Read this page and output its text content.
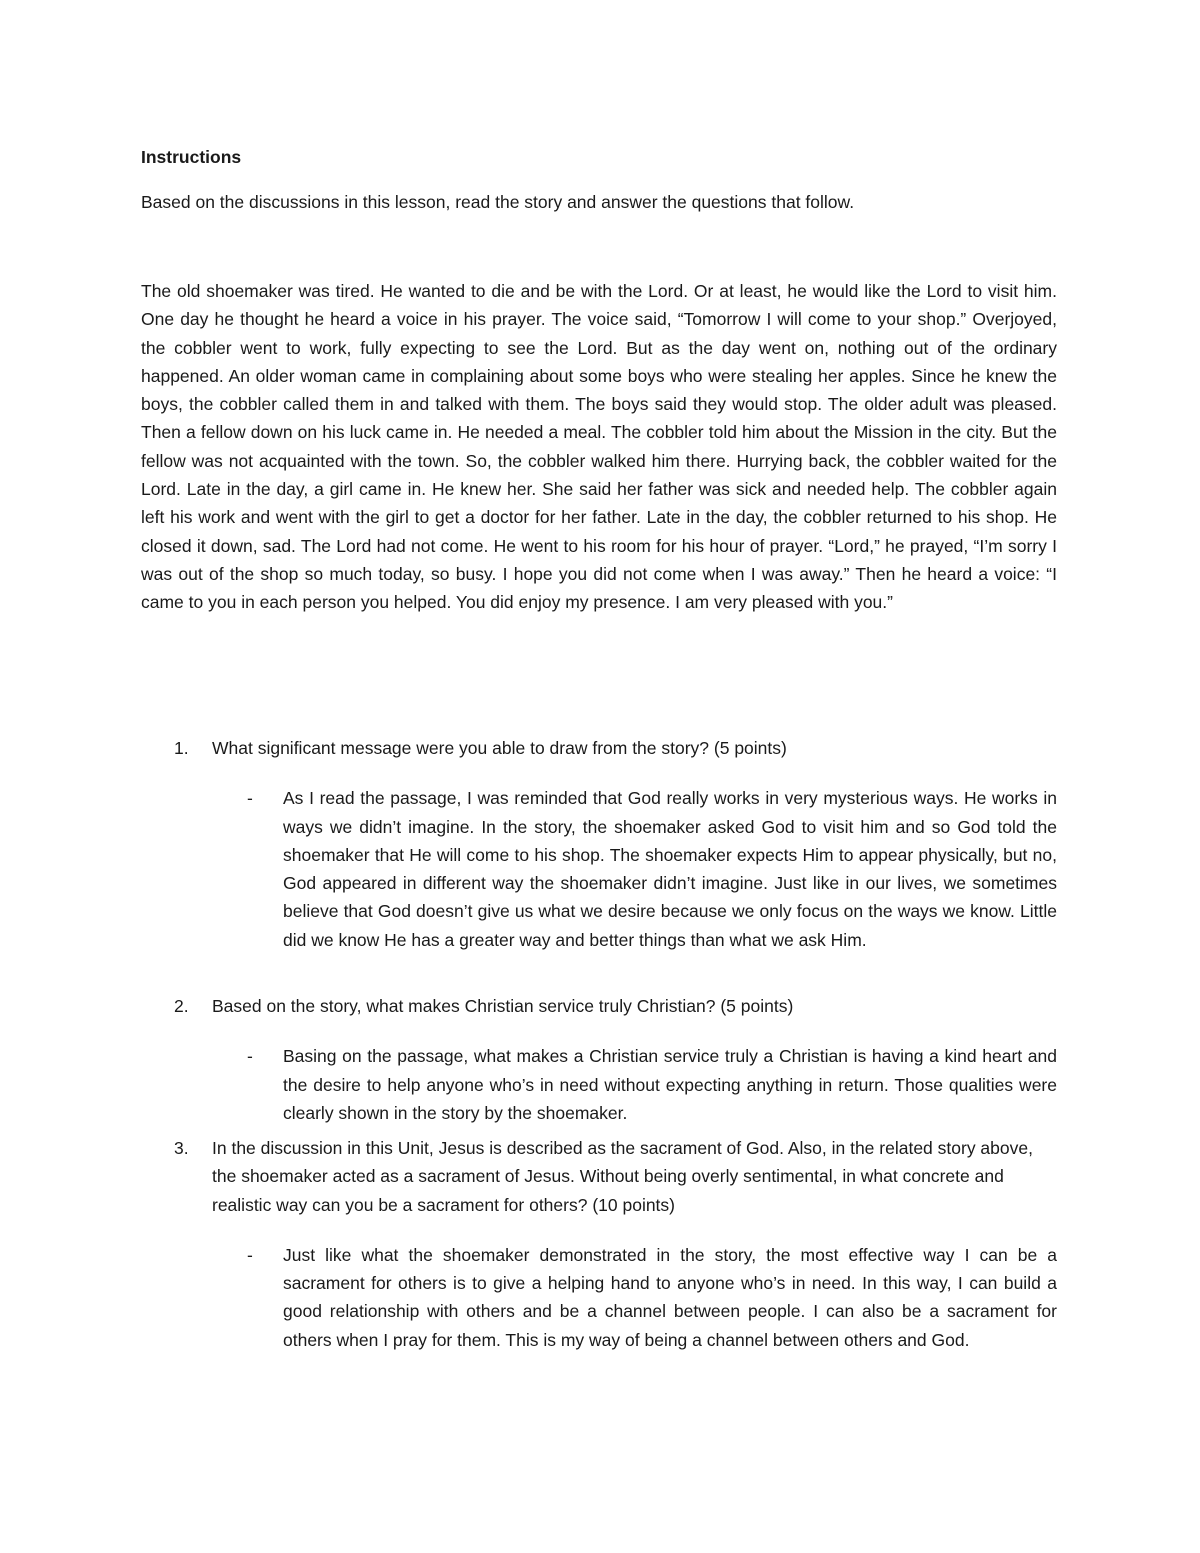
Instructions

Based on the discussions in this lesson, read the story and answer the questions that follow.

The old shoemaker was tired. He wanted to die and be with the Lord. Or at least, he would like the Lord to visit him. One day he thought he heard a voice in his prayer. The voice said, “Tomorrow I will come to your shop.” Overjoyed, the cobbler went to work, fully expecting to see the Lord. But as the day went on, nothing out of the ordinary happened. An older woman came in complaining about some boys who were stealing her apples. Since he knew the boys, the cobbler called them in and talked with them. The boys said they would stop. The older adult was pleased. Then a fellow down on his luck came in. He needed a meal. The cobbler told him about the Mission in the city. But the fellow was not acquainted with the town. So, the cobbler walked him there. Hurrying back, the cobbler waited for the Lord. Late in the day, a girl came in. He knew her. She said her father was sick and needed help. The cobbler again left his work and went with the girl to get a doctor for her father. Late in the day, the cobbler returned to his shop. He closed it down, sad. The Lord had not come. He went to his room for his hour of prayer. “Lord,” he prayed, “I’m sorry I was out of the shop so much today, so busy. I hope you did not come when I was away.” Then he heard a voice: “I came to you in each person you helped. You did enjoy my presence. I am very pleased with you.”

1. What significant message were you able to draw from the story? (5 points)

- As I read the passage, I was reminded that God really works in very mysterious ways. He works in ways we didn’t imagine. In the story, the shoemaker asked God to visit him and so God told the shoemaker that He will come to his shop. The shoemaker expects Him to appear physically, but no, God appeared in different way the shoemaker didn’t imagine. Just like in our lives, we sometimes believe that God doesn’t give us what we desire because we only focus on the ways we know. Little did we know He has a greater way and better things than what we ask Him.

2. Based on the story, what makes Christian service truly Christian? (5 points)

- Basing on the passage, what makes a Christian service truly a Christian is having a kind heart and the desire to help anyone who’s in need without expecting anything in return. Those qualities were clearly shown in the story by the shoemaker.

3. In the discussion in this Unit, Jesus is described as the sacrament of God. Also, in the related story above, the shoemaker acted as a sacrament of Jesus. Without being overly sentimental, in what concrete and realistic way can you be a sacrament for others? (10 points)

- Just like what the shoemaker demonstrated in the story, the most effective way I can be a sacrament for others is to give a helping hand to anyone who’s in need. In this way, I can build a good relationship with others and be a channel between people. I can also be a sacrament for others when I pray for them. This is my way of being a channel between others and God.
